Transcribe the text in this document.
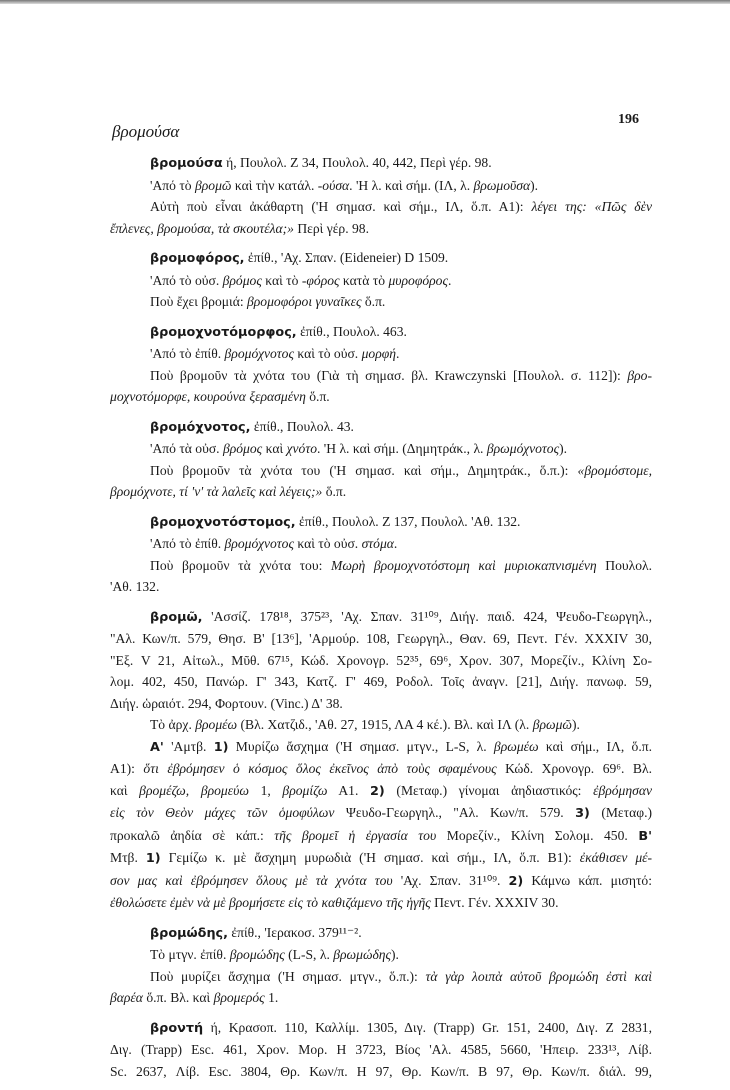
βρομούσα
196
βρομούσα ή, Πουλολ. Z 34, Πουλολ. 40, 442, Περὶ γέρ. 98.
'Από τὸ βρομῶ καὶ τὴν κατάλ. -ούσα. 'Η λ. καὶ σήμ. (ΙΛ, λ. βρωμοῦσα).
Αὐτὴ ποὺ εἶναι ἀκάθαρτη ('Η σημασ. καὶ σήμ., ΙΛ, ὅ.π. Α1): λέγει της: «Πῶς δὲν
ἔπλενες, βρομούσα, τὰ σκουτέλα;» Περὶ γέρ. 98.
βρομοφόρος, ἐπίθ., 'Αχ. Σπαν. (Eideneier) D 1509.
'Από τὸ οὐσ. βρόμος καὶ τὸ -φόρος κατὰ τὸ μυροφόρος.
Ποὺ ἔχει βρομιά: βρομοφόροι γυναῖκες ὅ.π.
βρομοχνοτόμορφος, ἐπίθ., Πουλολ. 463.
'Από τὸ ἐπίθ. βρομόχνοτος καὶ τὸ οὐσ. μορφή.
Ποὺ βρομοῦν τὰ χνότα του (Γιὰ τὴ σημασ. βλ. Krawczynski [Πουλολ. σ. 112]): βρο-
μοχνοτόμορφε, κουρούνα ξερασμένη ὅ.π.
βρομόχνοτος, ἐπίθ., Πουλολ. 43.
'Από τὰ οὐσ. βρόμος καὶ χνότο. 'Η λ. καὶ σήμ. (Δημητράκ., λ. βρωμόχνοτος).
Ποὺ βρομοῦν τὰ χνότα του ('Η σημασ. καὶ σήμ., Δημητράκ., ὅ.π.): «βρομόστομε,
βρομόχνοτε, τί 'ν' τὰ λαλεῖς καὶ λέγεις;» ὅ.π.
βρομοχνοτόστομος, ἐπίθ., Πουλολ. Z 137, Πουλολ. 'Αθ. 132.
'Από τὸ ἐπίθ. βρομόχνοτος καὶ τὸ οὐσ. στόμα.
Ποὺ βρομοῦν τὰ χνότα του: Μωρὴ βρομοχνοτόστομη καὶ μυριοκαπνισμένη Πουλολ.
'Αθ. 132.
βρομῶ, 'Ασσίζ. 178¹⁸, 375²³, 'Αχ. Σπαν. 31¹⁰⁹, Διήγ. παιδ. 424, Ψευδο-Γεωργηλ.,
"Αλ. Κων/π. 579, Θησ. Β' [13⁶], 'Αρμούρ. 108, Γεωργηλ., Θαν. 69, Πεντ. Γέν. XXXIV 30,
"Εξ. V 21, Αἰτωλ., Μῦθ. 67¹⁵, Κώδ. Χρονογρ. 52³⁵, 69⁶, Χρον. 307, Μορεζίν., Κλίνη Σο-
λομ. 402, 450, Πανώρ. Γ' 343, Κατζ. Γ' 469, Ροδολ. Τοῖς ἀναγν. [21], Διήγ. πανωφ. 59,
Διήγ. ὡραιότ. 294, Φορτουν. (Vinc.) Δ' 38.
Τὸ ἀρχ. βρομέω (Βλ. Χατζιδ., 'Αθ. 27, 1915, ΛΑ 4 κέ.). Βλ. καὶ ΙΛ (λ. βρωμῶ).
Α' 'Αμτβ. 1) Μυρίζω ἄσχημα ('Η σημασ. μτγν., L-S, λ. βρωμέω καὶ σήμ., ΙΛ, ὅ.π.
Α1): ὅτι ἐβρόμησεν ὁ κόσμος ὅλος ἐκεῖνος ἀπὸ τοὺς σφαμένους Κώδ. Χρονογρ. 69⁶. Βλ.
καὶ βρομέζω, βρομεύω 1, βρομίζω Α1. 2) (Μεταφ.) γίνομαι ἀηδιαστικός: ἐβρόμησαν
εἰς τὸν Θεὸν μάχες τῶν ὁμοφύλων Ψευδο-Γεωργηλ., "Αλ. Κων/π. 579. 3) (Μεταφ.)
προκαλῶ ἀηδία σὲ κάπ.: τῆς βρομεῖ ἡ ἐργασία του Μορεζίν., Κλίνη Σολομ. 450. Β'
Μτβ. 1) Γεμίζω κ. μὲ ἄσχημη μυρωδιὰ ('Η σημασ. καὶ σήμ., ΙΛ, ὅ.π. Β1): ἐκάθισεν μέ-
σον μας καὶ ἐβρόμησεν ὅλους μὲ τὰ χνότα του 'Αχ. Σπαν. 31¹⁰⁹. 2) Κάμνω κάπ. μισητό:
ἐθολώσετε ἐμὲν νὰ μὲ βρομήσετε εἰς τὸ καθιζάμενο τῆς ἡγῆς Πεντ. Γέν. XXXIV 30.
βρομώδης, ἐπίθ., 'Ιερακοσ. 379¹¹⁻².
Τὸ μτγν. ἐπίθ. βρομώδης (L-S, λ. βρωμώδης).
Ποὺ μυρίζει ἄσχημα ('Η σημασ. μτγν., ὅ.π.): τὰ γὰρ λοιπὰ αὐτοῦ βρομώδη ἐστὶ καὶ
βαρέα ὅ.π. Βλ. καὶ βρομερός 1.
βροντή ή, Κρασοπ. 110, Καλλίμ. 1305, Διγ. (Trapp) Gr. 151, 2400, Διγ. Z 2831,
Διγ. (Trapp) Esc. 461, Χρον. Μορ. Η 3723, Βίος 'Αλ. 4585, 5660, 'Ηπειρ. 233¹³, Λίβ.
Sc. 2637, Λίβ. Esc. 3804, Θρ. Κων/π. Η 97, Θρ. Κων/π. Β 97, Θρ. Κων/π. διάλ. 99,
